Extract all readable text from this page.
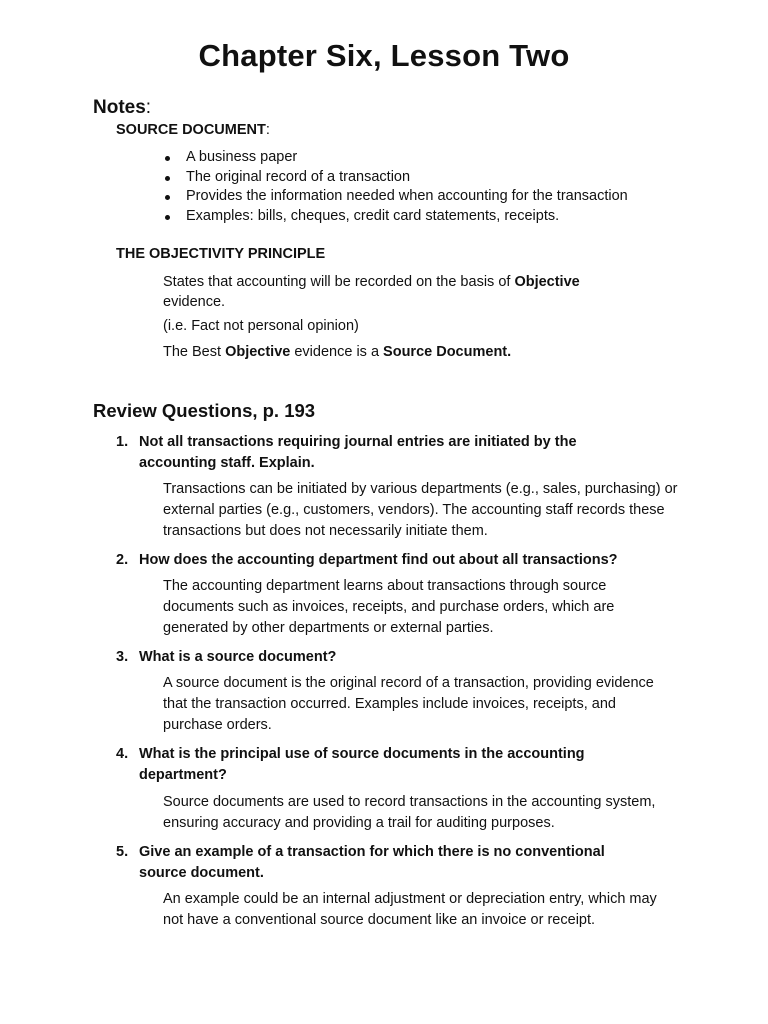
Chapter Six, Lesson Two
Notes:
SOURCE DOCUMENT:
A business paper
The original record of a transaction
Provides the information needed when accounting for the transaction
Examples: bills, cheques, credit card statements, receipts.
THE OBJECTIVITY PRINCIPLE
States that accounting will be recorded on the basis of Objective
evidence.
(i.e. Fact not personal opinion)
The Best Objective evidence is a Source Document.
Review Questions, p. 193
1. Not all transactions requiring journal entries are initiated by the accounting staff. Explain.
Transactions can be initiated by various departments (e.g., sales, purchasing) or external parties (e.g., customers, vendors). The accounting staff records these transactions but does not necessarily initiate them.
2. How does the accounting department find out about all transactions?
The accounting department learns about transactions through source documents such as invoices, receipts, and purchase orders, which are generated by other departments or external parties.
3. What is a source document?
A source document is the original record of a transaction, providing evidence that the transaction occurred. Examples include invoices, receipts, and purchase orders.
4. What is the principal use of source documents in the accounting department?
Source documents are used to record transactions in the accounting system, ensuring accuracy and providing a trail for auditing purposes.
5. Give an example of a transaction for which there is no conventional source document.
An example could be an internal adjustment or depreciation entry, which may not have a conventional source document like an invoice or receipt.
